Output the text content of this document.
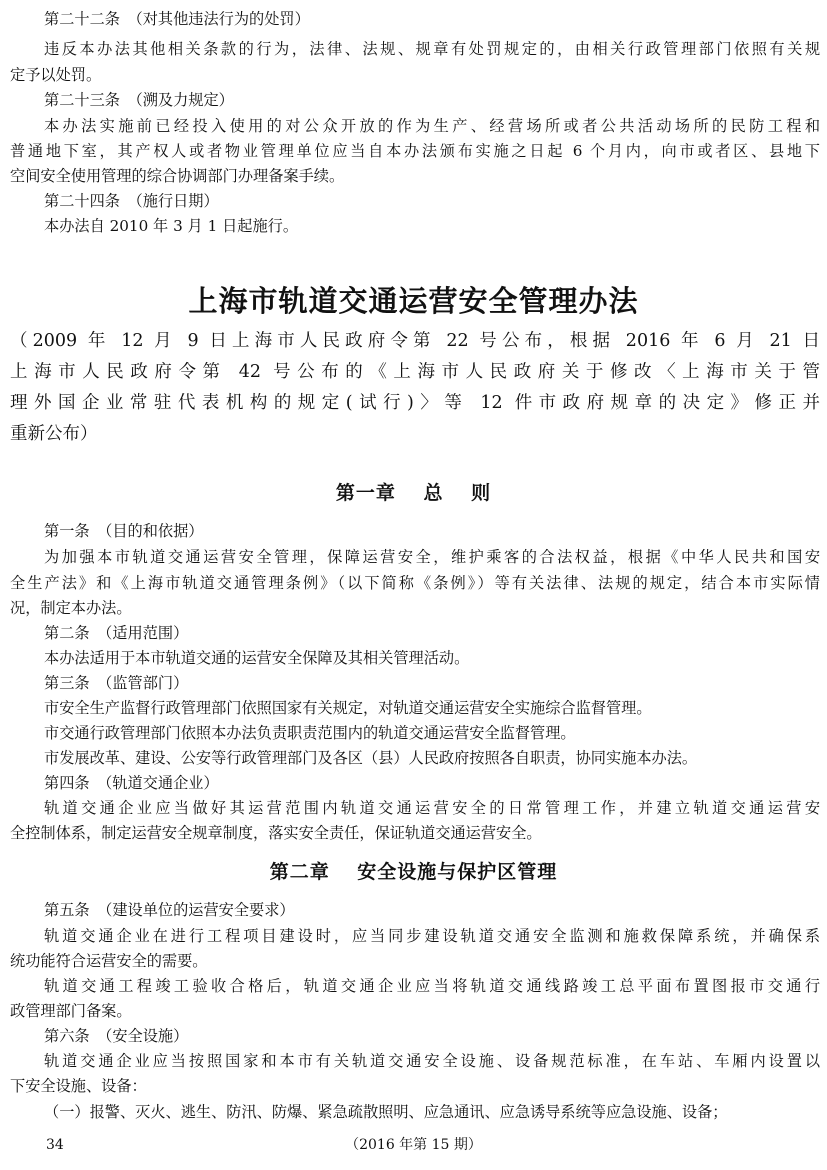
第二十二条　（对其他违法行为的处罚）
违反本办法其他相关条款的行为，法律、法规、规章有处罚规定的，由相关行政管理部门依照有关规
定予以处罚。
第二十三条　（溯及力规定）
本办法实施前已经投入使用的对公众开放的作为生产、经营场所或者公共活动场所的民防工程和
普通地下室，其产权人或者物业管理单位应当自本办法颁布实施之日起 6 个月内，向市或者区、县地下
空间安全使用管理的综合协调部门办理备案手续。
第二十四条　（施行日期）
本办法自 2010 年 3 月 1 日起施行。
上海市轨道交通运营安全管理办法
（2009 年 12 月 9 日上海市人民政府令第 22 号公布，根据 2016 年 6 月 21 日
上海市人民政府令第 42 号公布的《上海市人民政府关于修改〈上海市关于管
理外国企业常驻代表机构的规定(试行)〉等 12 件市政府规章的决定》修正并
重新公布）
第一章　 总　 则
第一条　（目的和依据）
为加强本市轨道交通运营安全管理，保障运营安全，维护乘客的合法权益，根据《中华人民共和国安
全生产法》和《上海市轨道交通管理条例》（以下简称《条例》）等有关法律、法规的规定，结合本市实际情
况，制定本办法。
第二条　（适用范围）
本办法适用于本市轨道交通的运营安全保障及其相关管理活动。
第三条　（监管部门）
市安全生产监督行政管理部门依照国家有关规定，对轨道交通运营安全实施综合监督管理。
市交通行政管理部门依照本办法负责职责范围内的轨道交通运营安全监督管理。
市发展改革、建设、公安等行政管理部门及各区（县）人民政府按照各自职责，协同实施本办法。
第四条　（轨道交通企业）
轨道交通企业应当做好其运营范围内轨道交通运营安全的日常管理工作，并建立轨道交通运营安
全控制体系，制定运营安全规章制度，落实安全责任，保证轨道交通运营安全。
第二章　 安全设施与保护区管理
第五条　（建设单位的运营安全要求）
轨道交通企业在进行工程项目建设时，应当同步建设轨道交通安全监测和施救保障系统，并确保系
统功能符合运营安全的需要。
轨道交通工程竣工验收合格后，轨道交通企业应当将轨道交通线路竣工总平面布置图报市交通行
政管理部门备案。
第六条　（安全设施）
轨道交通企业应当按照国家和本市有关轨道交通安全设施、设备规范标准，在车站、车厢内设置以
下安全设施、设备：
（一）报警、灭火、逃生、防汛、防爆、紧急疏散照明、应急通讯、应急诱导系统等应急设施、设备；
34	（2016 年第 15 期）
